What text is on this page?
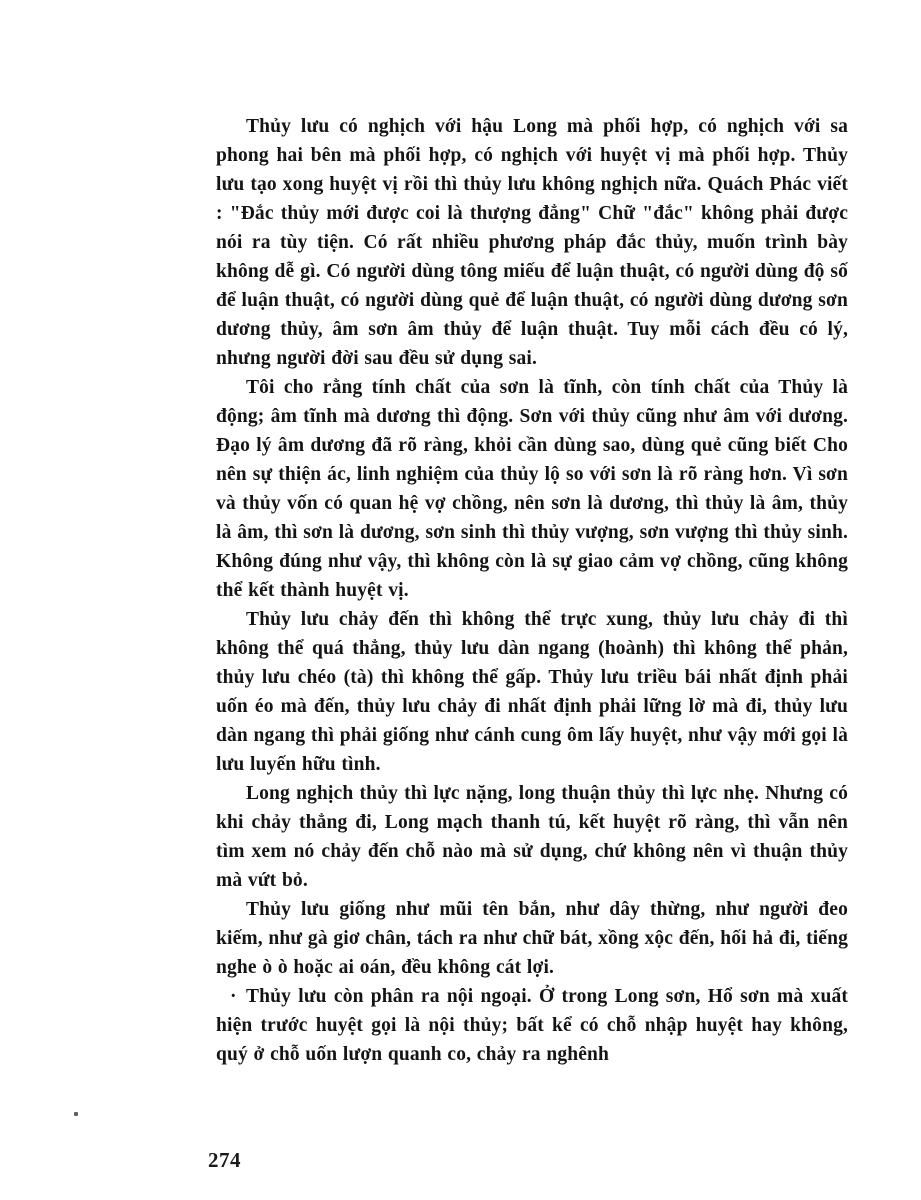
Thủy lưu có nghịch với hậu Long mà phối hợp, có nghịch với sa phong hai bên mà phối hợp, có nghịch với huyệt vị mà phối hợp. Thủy lưu tạo xong huyệt vị rồi thì thủy lưu không nghịch nữa. Quách Phác viết : "Đắc thủy mới được coi là thượng đẳng" Chữ "đắc" không phải được nói ra tùy tiện. Có rất nhiều phương pháp đắc thủy, muốn trình bày không dễ gì. Có người dùng tông miếu để luận thuật, có người dùng độ số để luận thuật, có người dùng quẻ để luận thuật, có người dùng dương sơn dương thủy, âm sơn âm thủy để luận thuật. Tuy mỗi cách đều có lý, nhưng người đời sau đều sử dụng sai.

Tôi cho rằng tính chất của sơn là tĩnh, còn tính chất của Thủy là động; âm tĩnh mà dương thì động. Sơn với thủy cũng như âm với dương. Đạo lý âm dương đã rõ ràng, khỏi cần dùng sao, dùng quẻ cũng biết Cho nên sự thiện ác, linh nghiệm của thủy lộ so với sơn là rõ ràng hơn. Vì sơn và thủy vốn có quan hệ vợ chồng, nên sơn là dương, thì thủy là âm, thủy là âm, thì sơn là dương, sơn sinh thì thủy vượng, sơn vượng thì thủy sinh. Không đúng như vậy, thì không còn là sự giao cảm vợ chồng, cũng không thể kết thành huyệt vị.

Thủy lưu chảy đến thì không thể trực xung, thủy lưu chảy đi thì không thể quá thẳng, thủy lưu dàn ngang (hoành) thì không thể phản, thủy lưu chéo (tà) thì không thể gấp. Thủy lưu triều bái nhất định phải uốn éo mà đến, thủy lưu chảy đi nhất định phải lững lờ mà đi, thủy lưu dàn ngang thì phải giống như cánh cung ôm lấy huyệt, như vậy mới gọi là lưu luyến hữu tình.

Long nghịch thủy thì lực nặng, long thuận thủy thì lực nhẹ. Nhưng có khi chảy thẳng đi, Long mạch thanh tú, kết huyệt rõ ràng, thì vẫn nên tìm xem nó chảy đến chỗ nào mà sử dụng, chứ không nên vì thuận thủy mà vứt bỏ.

Thủy lưu giống như mũi tên bắn, như dây thừng, như người đeo kiếm, như gà giơ chân, tách ra như chữ bát, xồng xộc đến, hối hả đi, tiếng nghe ò ò hoặc ai oán, đều không cát lợi.

· Thủy lưu còn phân ra nội ngoại. Ở trong Long sơn, Hổ sơn mà xuất hiện trước huyệt gọi là nội thủy; bất kể có chỗ nhập huyệt hay không, quý ở chỗ uốn lượn quanh co, chảy ra nghênh

274
